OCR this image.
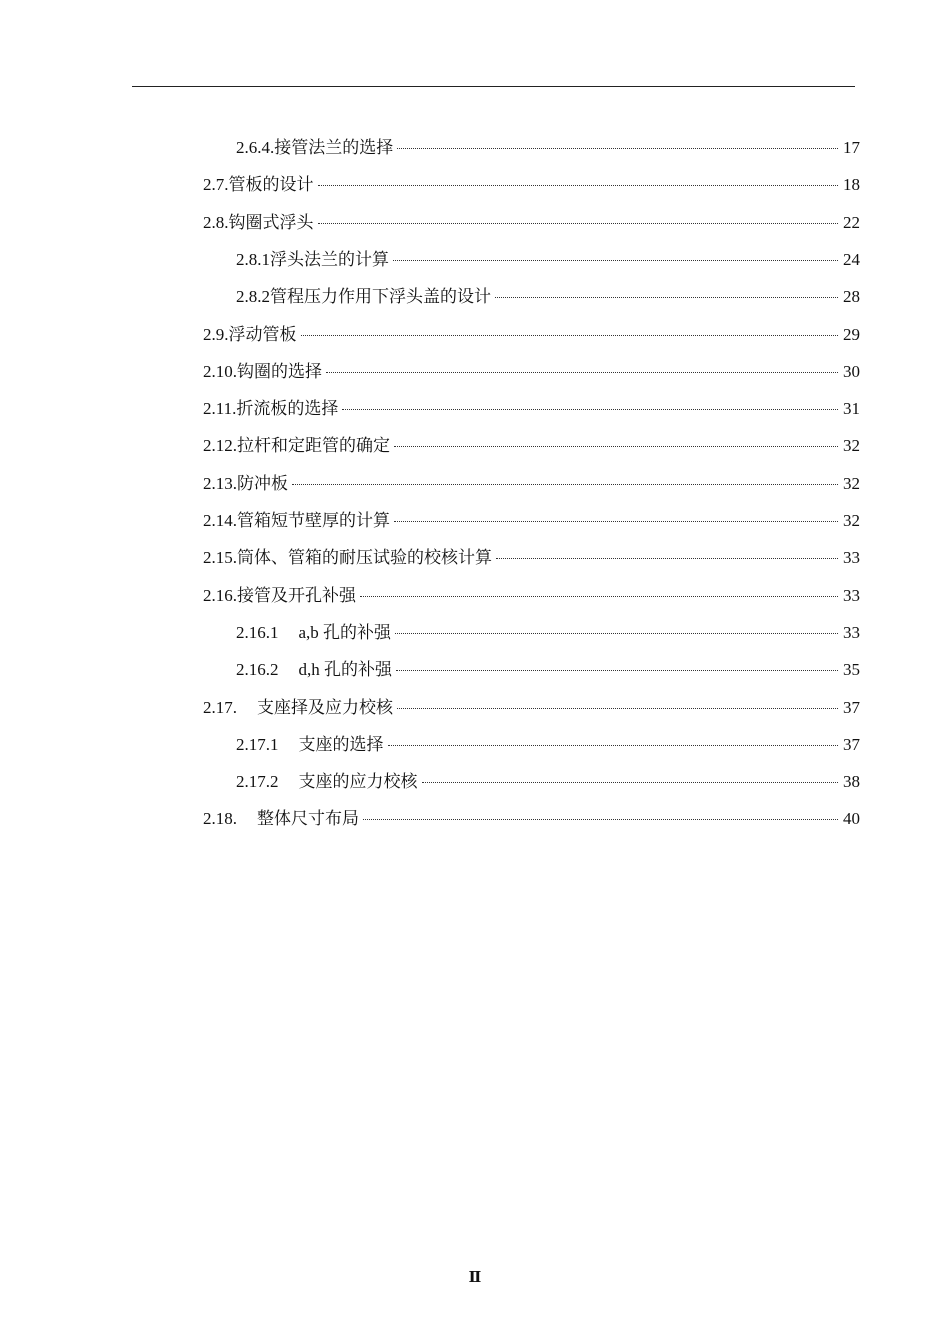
2.6.4. 接管法兰的选择	17
2.7. 管板的设计	18
2.8. 钩圈式浮头	22
2.8.1 浮头法兰的计算	24
2.8.2 管程压力作用下浮头盖的设计	28
2.9. 浮动管板	29
2.10. 钩圈的选择	30
2.11. 折流板的选择	31
2.12. 拉杆和定距管的确定	32
2.13. 防冲板	32
2.14. 管箱短节壁厚的计算	32
2.15. 筒体、管箱的耐压试验的校核计算	33
2.16. 接管及开孔补强	33
2.16.1 a,b 孔的补强	33
2.16.2 d,h 孔的补强	35
2.17. 支座择及应力校核	37
2.17.1 支座的选择	37
2.17.2 支座的应力校核	38
2.18. 整体尺寸布局	40
Ⅱ
